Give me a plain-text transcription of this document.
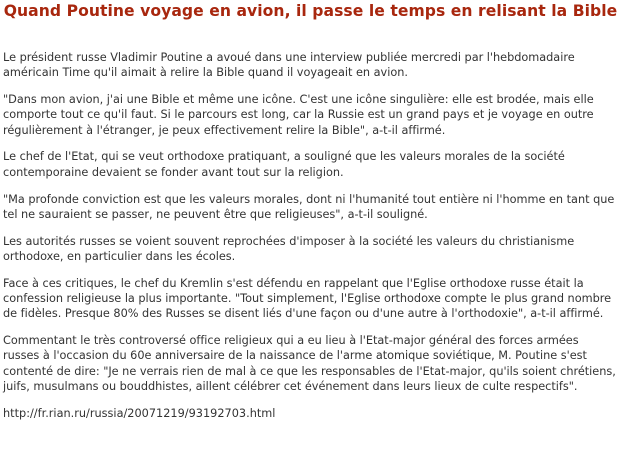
Quand Poutine voyage en avion, il passe le temps en relisant la Bible

Le président russe Vladimir Poutine a avoué dans une interview publiée mercredi par l'hebdomadaire américain Time qu'il aimait à relire la Bible quand il voyageait en avion.

"Dans mon avion, j'ai une Bible et même une icône. C'est une icône singulière: elle est brodée, mais elle comporte tout ce qu'il faut. Si le parcours est long, car la Russie est un grand pays et je voyage en outre régulièrement à l'étranger, je peux effectivement relire la Bible", a-t-il affirmé.

Le chef de l'Etat, qui se veut orthodoxe pratiquant, a souligné que les valeurs morales de la société contemporaine devaient se fonder avant tout sur la religion.

"Ma profonde conviction est que les valeurs morales, dont ni l'humanité tout entière ni l'homme en tant que tel ne sauraient se passer, ne peuvent être que religieuses", a-t-il souligné.

Les autorités russes se voient souvent reprochées d'imposer à la société les valeurs du christianisme orthodoxe, en particulier dans les écoles.

Face à ces critiques, le chef du Kremlin s'est défendu en rappelant que l'Eglise orthodoxe russe était la confession religieuse la plus importante. "Tout simplement, l'Eglise orthodoxe compte le plus grand nombre de fidèles. Presque 80% des Russes se disent liés d'une façon ou d'une autre à l'orthodoxie", a-t-il affirmé.

Commentant le très controversé office religieux qui a eu lieu à l'Etat-major général des forces armées russes à l'occasion du 60e anniversaire de la naissance de l'arme atomique soviétique, M. Poutine s'est contenté de dire: "Je ne verrais rien de mal à ce que les responsables de l'Etat-major, qu'ils soient chrétiens, juifs, musulmans ou bouddhistes, aillent célébrer cet événement dans leurs lieux de culte respectifs".

http://fr.rian.ru/russia/20071219/93192703.html
